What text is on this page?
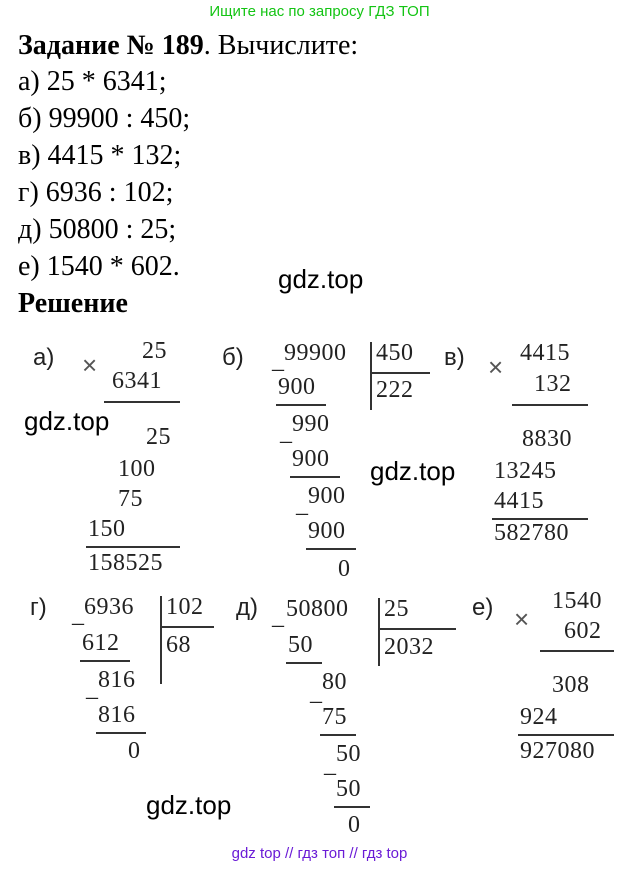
Ищите нас по запросу ГДЗ ТОП
gdz top // гдз топ // гдз top
Задание № 189. Вычислите:
а) 25 * 6341;
б) 99900 : 450;
в) 4415 * 132;
г) 6936 : 102;
д) 50800 : 25;
е) 1540 * 602.
Решение
gdz.top
gdz.top
gdz.top
gdz.top
а) × 25
6341
25
100
75
150
158525
б) _ 99900 450
222
900
_ 990
900
_ 900
900
0
в) × 4415
132
8830
13245
4415
582780
г) _ 6936 102
68
612
_ 816
816
0
д) _ 50800 25
2032
50
_ 80
75
_ 50
50
0
е) ×
1540
602
308
924
927080
